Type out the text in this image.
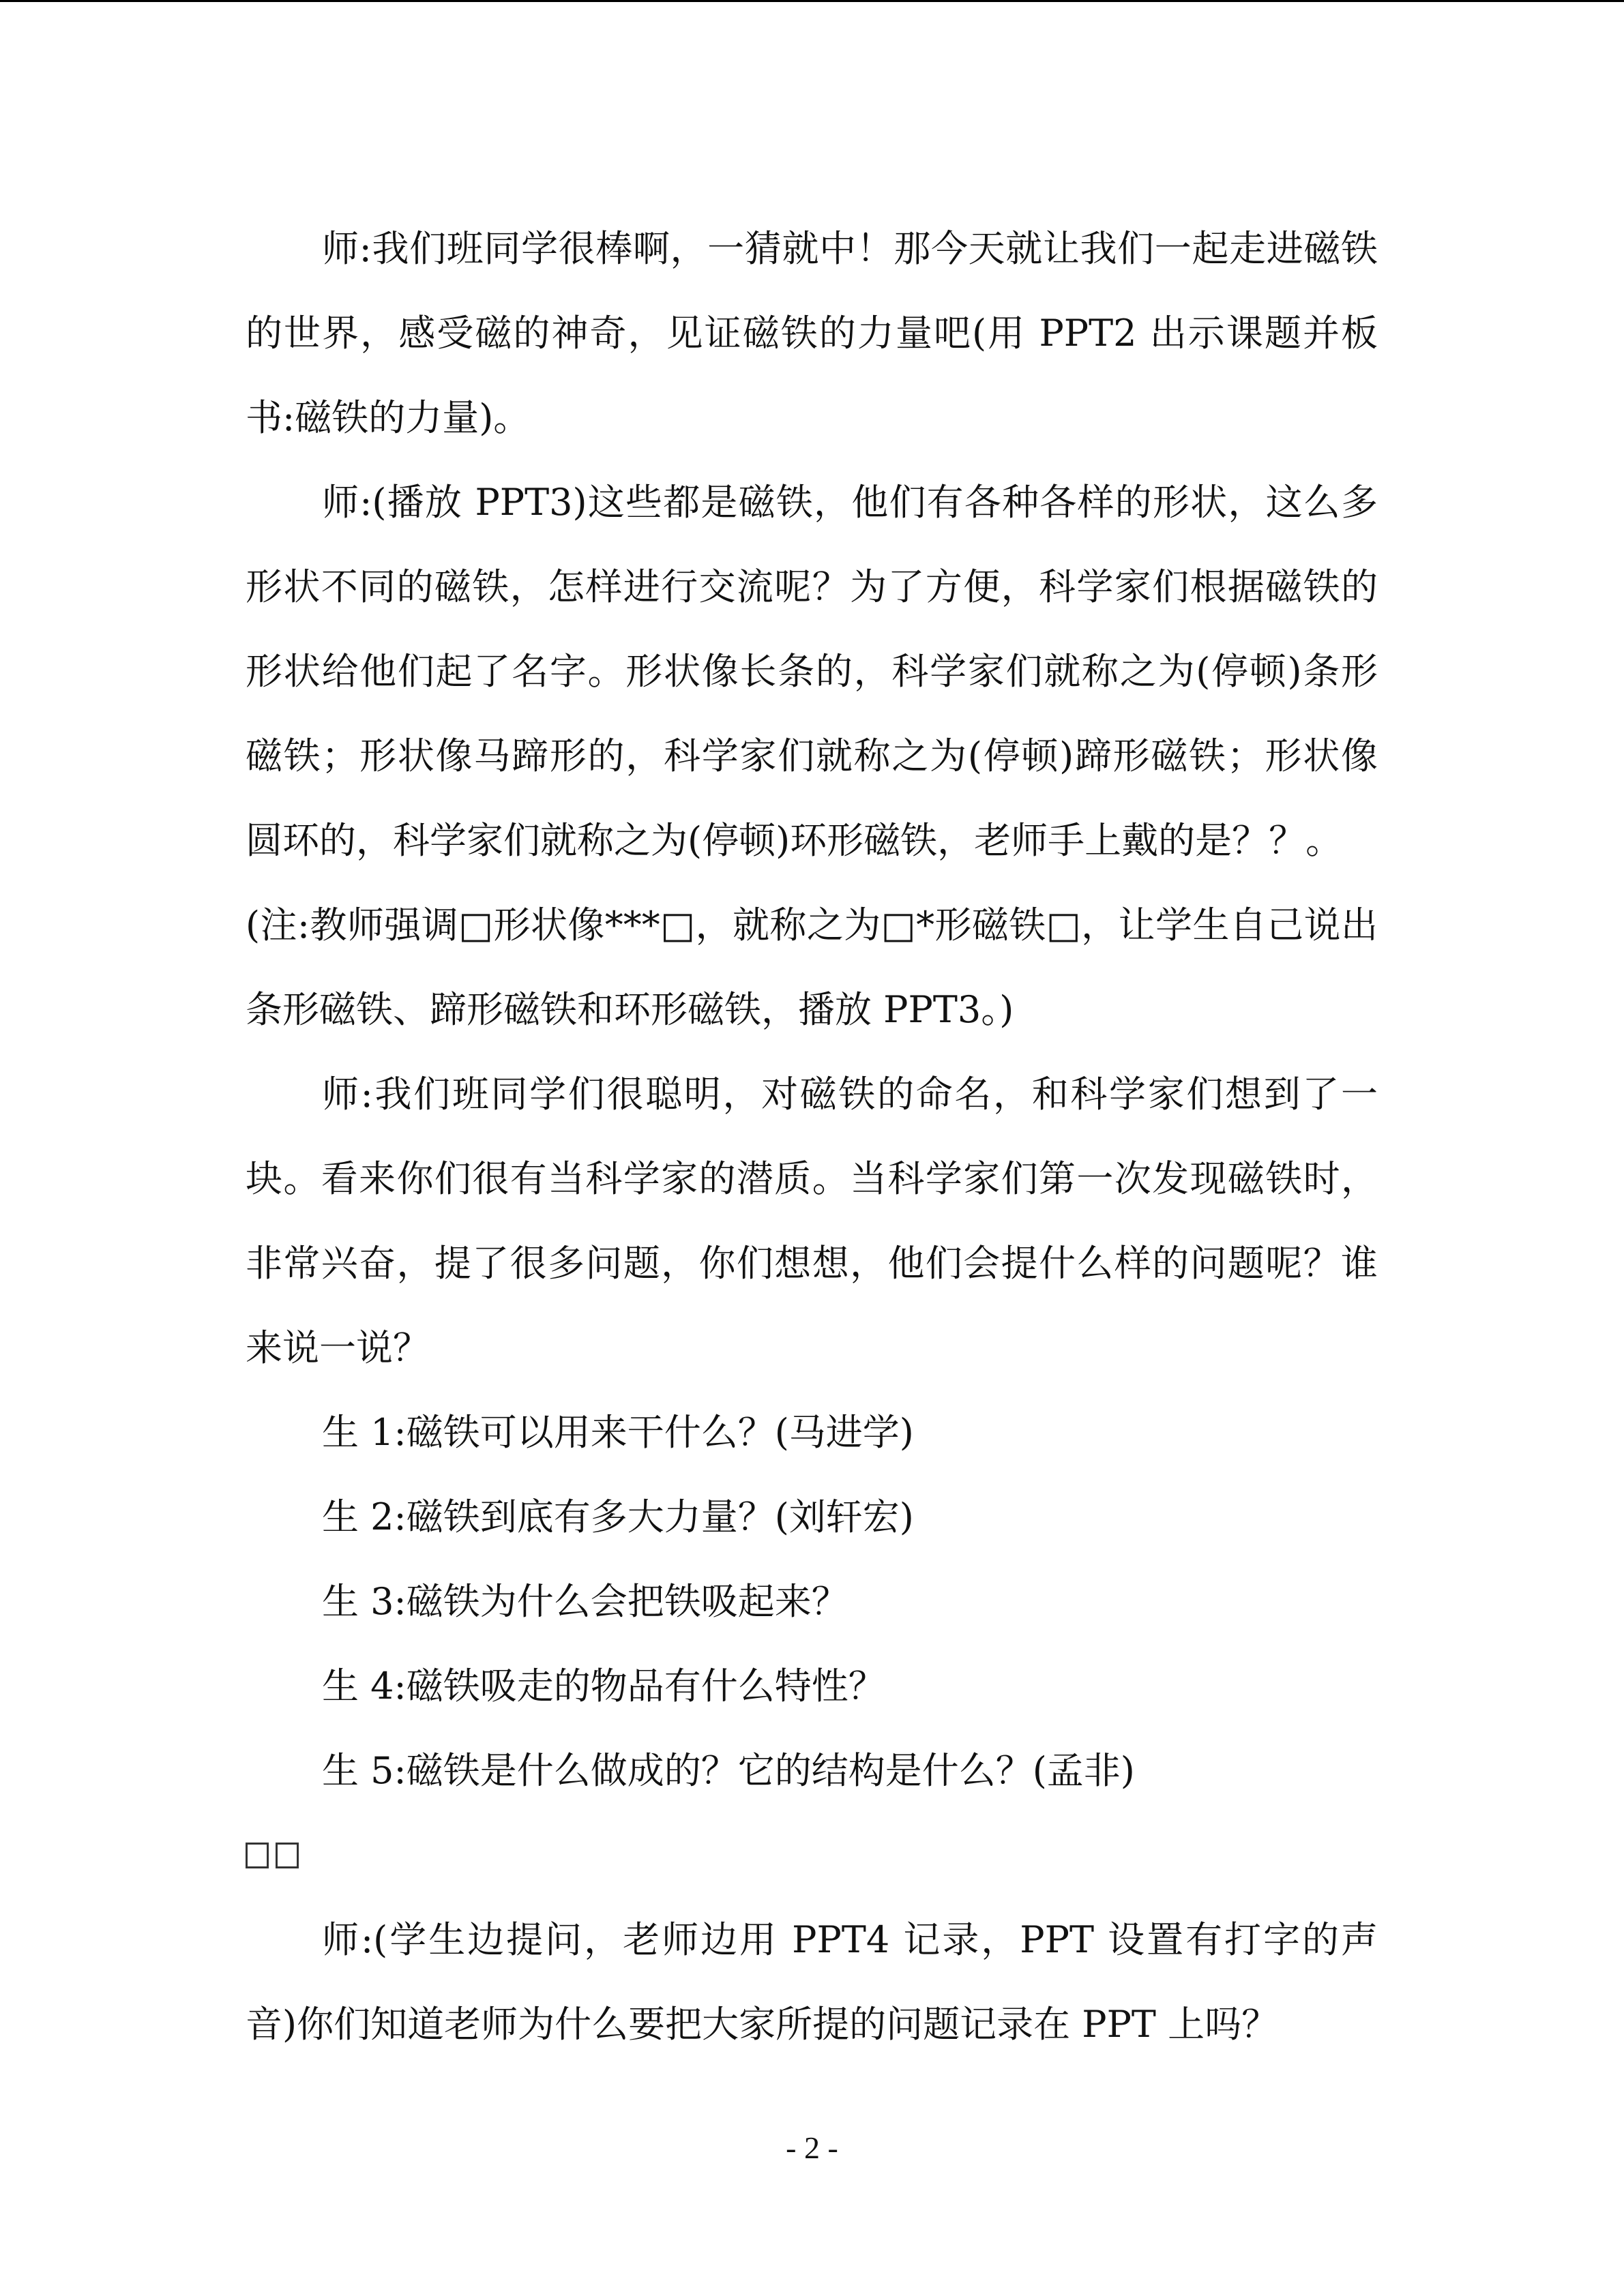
师:我们班同学很棒啊，一猜就中！那今天就让我们一起走进磁铁的世界，感受磁的神奇，见证磁铁的力量吧(用 PPT2 出示课题并板书:磁铁的力量)。

师:(播放 PPT3)这些都是磁铁，他们有各种各样的形状，这么多形状不同的磁铁，怎样进行交流呢？为了方便，科学家们根据磁铁的形状给他们起了名字。形状像长条的，科学家们就称之为(停顿)条形磁铁；形状像马蹄形的，科学家们就称之为(停顿)蹄形磁铁；形状像圆环的，科学家们就称之为(停顿)环形磁铁，老师手上戴的是？？。

(注:教师强调□形状像***□，就称之为□*形磁铁□，让学生自己说出条形磁铁、蹄形磁铁和环形磁铁，播放 PPT3。)

师:我们班同学们很聪明，对磁铁的命名，和科学家们想到了一块。看来你们很有当科学家的潜质。当科学家们第一次发现磁铁时，非常兴奋，提了很多问题，你们想想，他们会提什么样的问题呢？谁来说一说？

生 1:磁铁可以用来干什么？(马进学)

生 2:磁铁到底有多大力量？(刘轩宏)

生 3:磁铁为什么会把铁吸起来？

生 4:磁铁吸走的物品有什么特性？

生 5:磁铁是什么做成的？它的结构是什么？(孟非)

师:(学生边提问，老师边用 PPT4 记录，PPT 设置有打字的声音)你们知道老师为什么要把大家所提的问题记录在 PPT 上吗？

- 2 -
